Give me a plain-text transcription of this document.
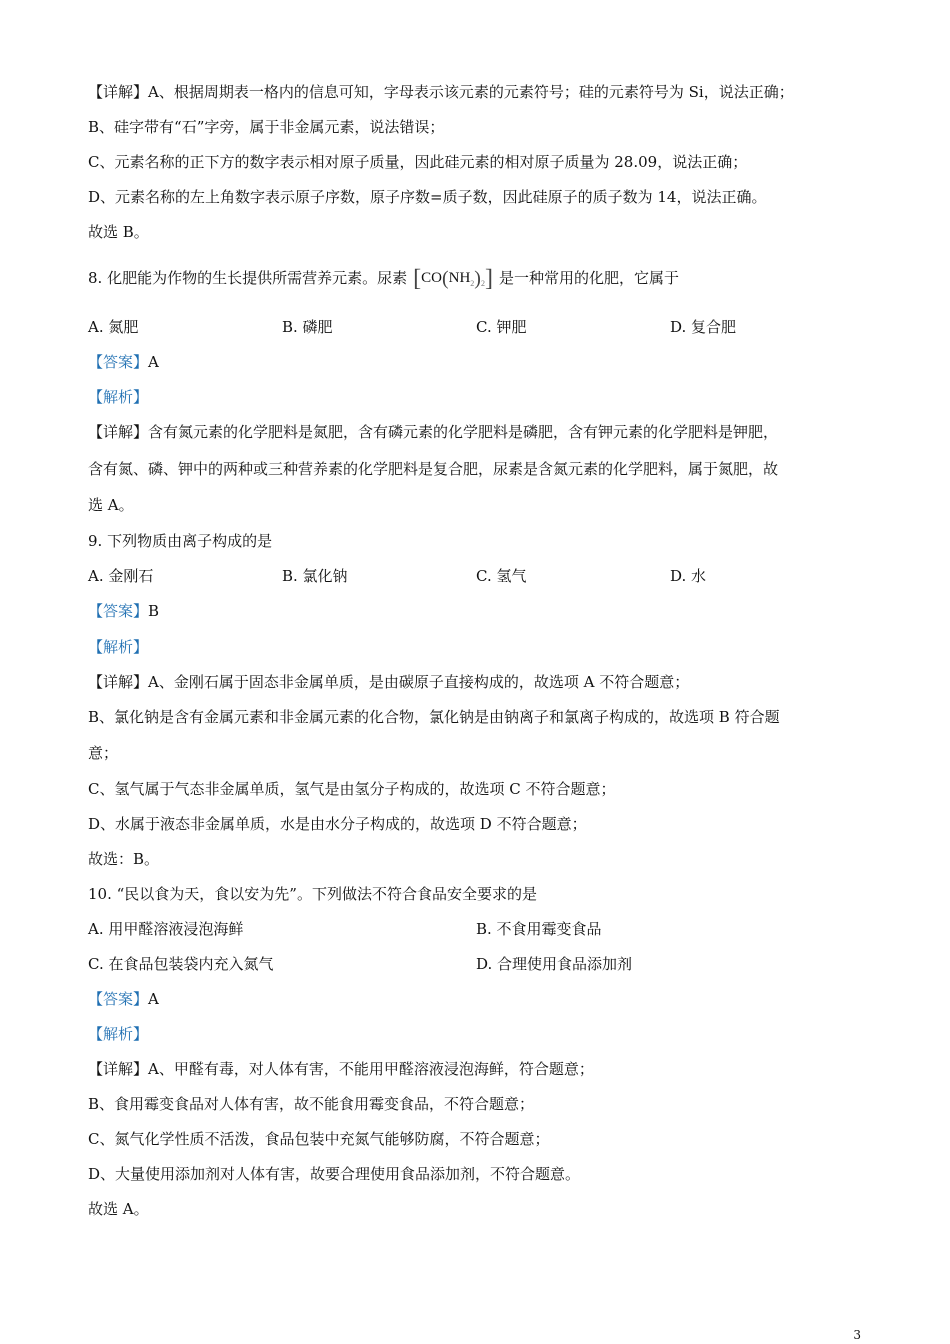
【详解】A、根据周期表一格内的信息可知，字母表示该元素的元素符号；硅的元素符号为 Si，说法正确；
B、硅字带有“石”字旁，属于非金属元素，说法错误；
C、元素名称的正下方的数字表示相对原子质量，因此硅元素的相对原子质量为 28.09，说法正确；
D、元素名称的左上角数字表示原子序数，原子序数=质子数，因此硅原子的质子数为 14，说法正确。
故选 B。
8. 化肥能为作物的生长提供所需营养元素。尿素 $[CO(NH_2)_2]$ 是一种常用的化肥，它属于
A. 氮肥	B. 磷肥	C. 钾肥	D. 复合肥
【答案】A
【解析】
【详解】含有氮元素的化学肥料是氮肥，含有磷元素的化学肥料是磷肥，含有钾元素的化学肥料是钾肥，
含有氮、磷、钾中的两种或三种营养素的化学肥料是复合肥，尿素是含氮元素的化学肥料，属于氮肥，故
选 A。
9. 下列物质由离子构成的是
A. 金刚石	B. 氯化钠	C. 氢气	D. 水
【答案】B
【解析】
【详解】A、金刚石属于固态非金属单质，是由碳原子直接构成的，故选项 A 不符合题意；
B、氯化钠是含有金属元素和非金属元素的化合物，氯化钠是由钠离子和氯离子构成的，故选项 B 符合题
意；
C、氢气属于气态非金属单质，氢气是由氢分子构成的，故选项 C 不符合题意；
D、水属于液态非金属单质，水是由水分子构成的，故选项 D 不符合题意；
故选：B。
10. “民以食为天，食以安为先”。下列做法不符合食品安全要求的是
A. 用甲醛溶液浸泡海鲜	B. 不食用霉变食品
C. 在食品包装袋内充入氮气	D. 合理使用食品添加剂
【答案】A
【解析】
【详解】A、甲醛有毒，对人体有害，不能用甲醛溶液浸泡海鲜，符合题意；
B、食用霉变食品对人体有害，故不能食用霉变食品，不符合题意；
C、氮气化学性质不活泼，食品包装中充氮气能够防腐，不符合题意；
D、大量使用添加剂对人体有害，故要合理使用食品添加剂，不符合题意。
故选 A。
3
